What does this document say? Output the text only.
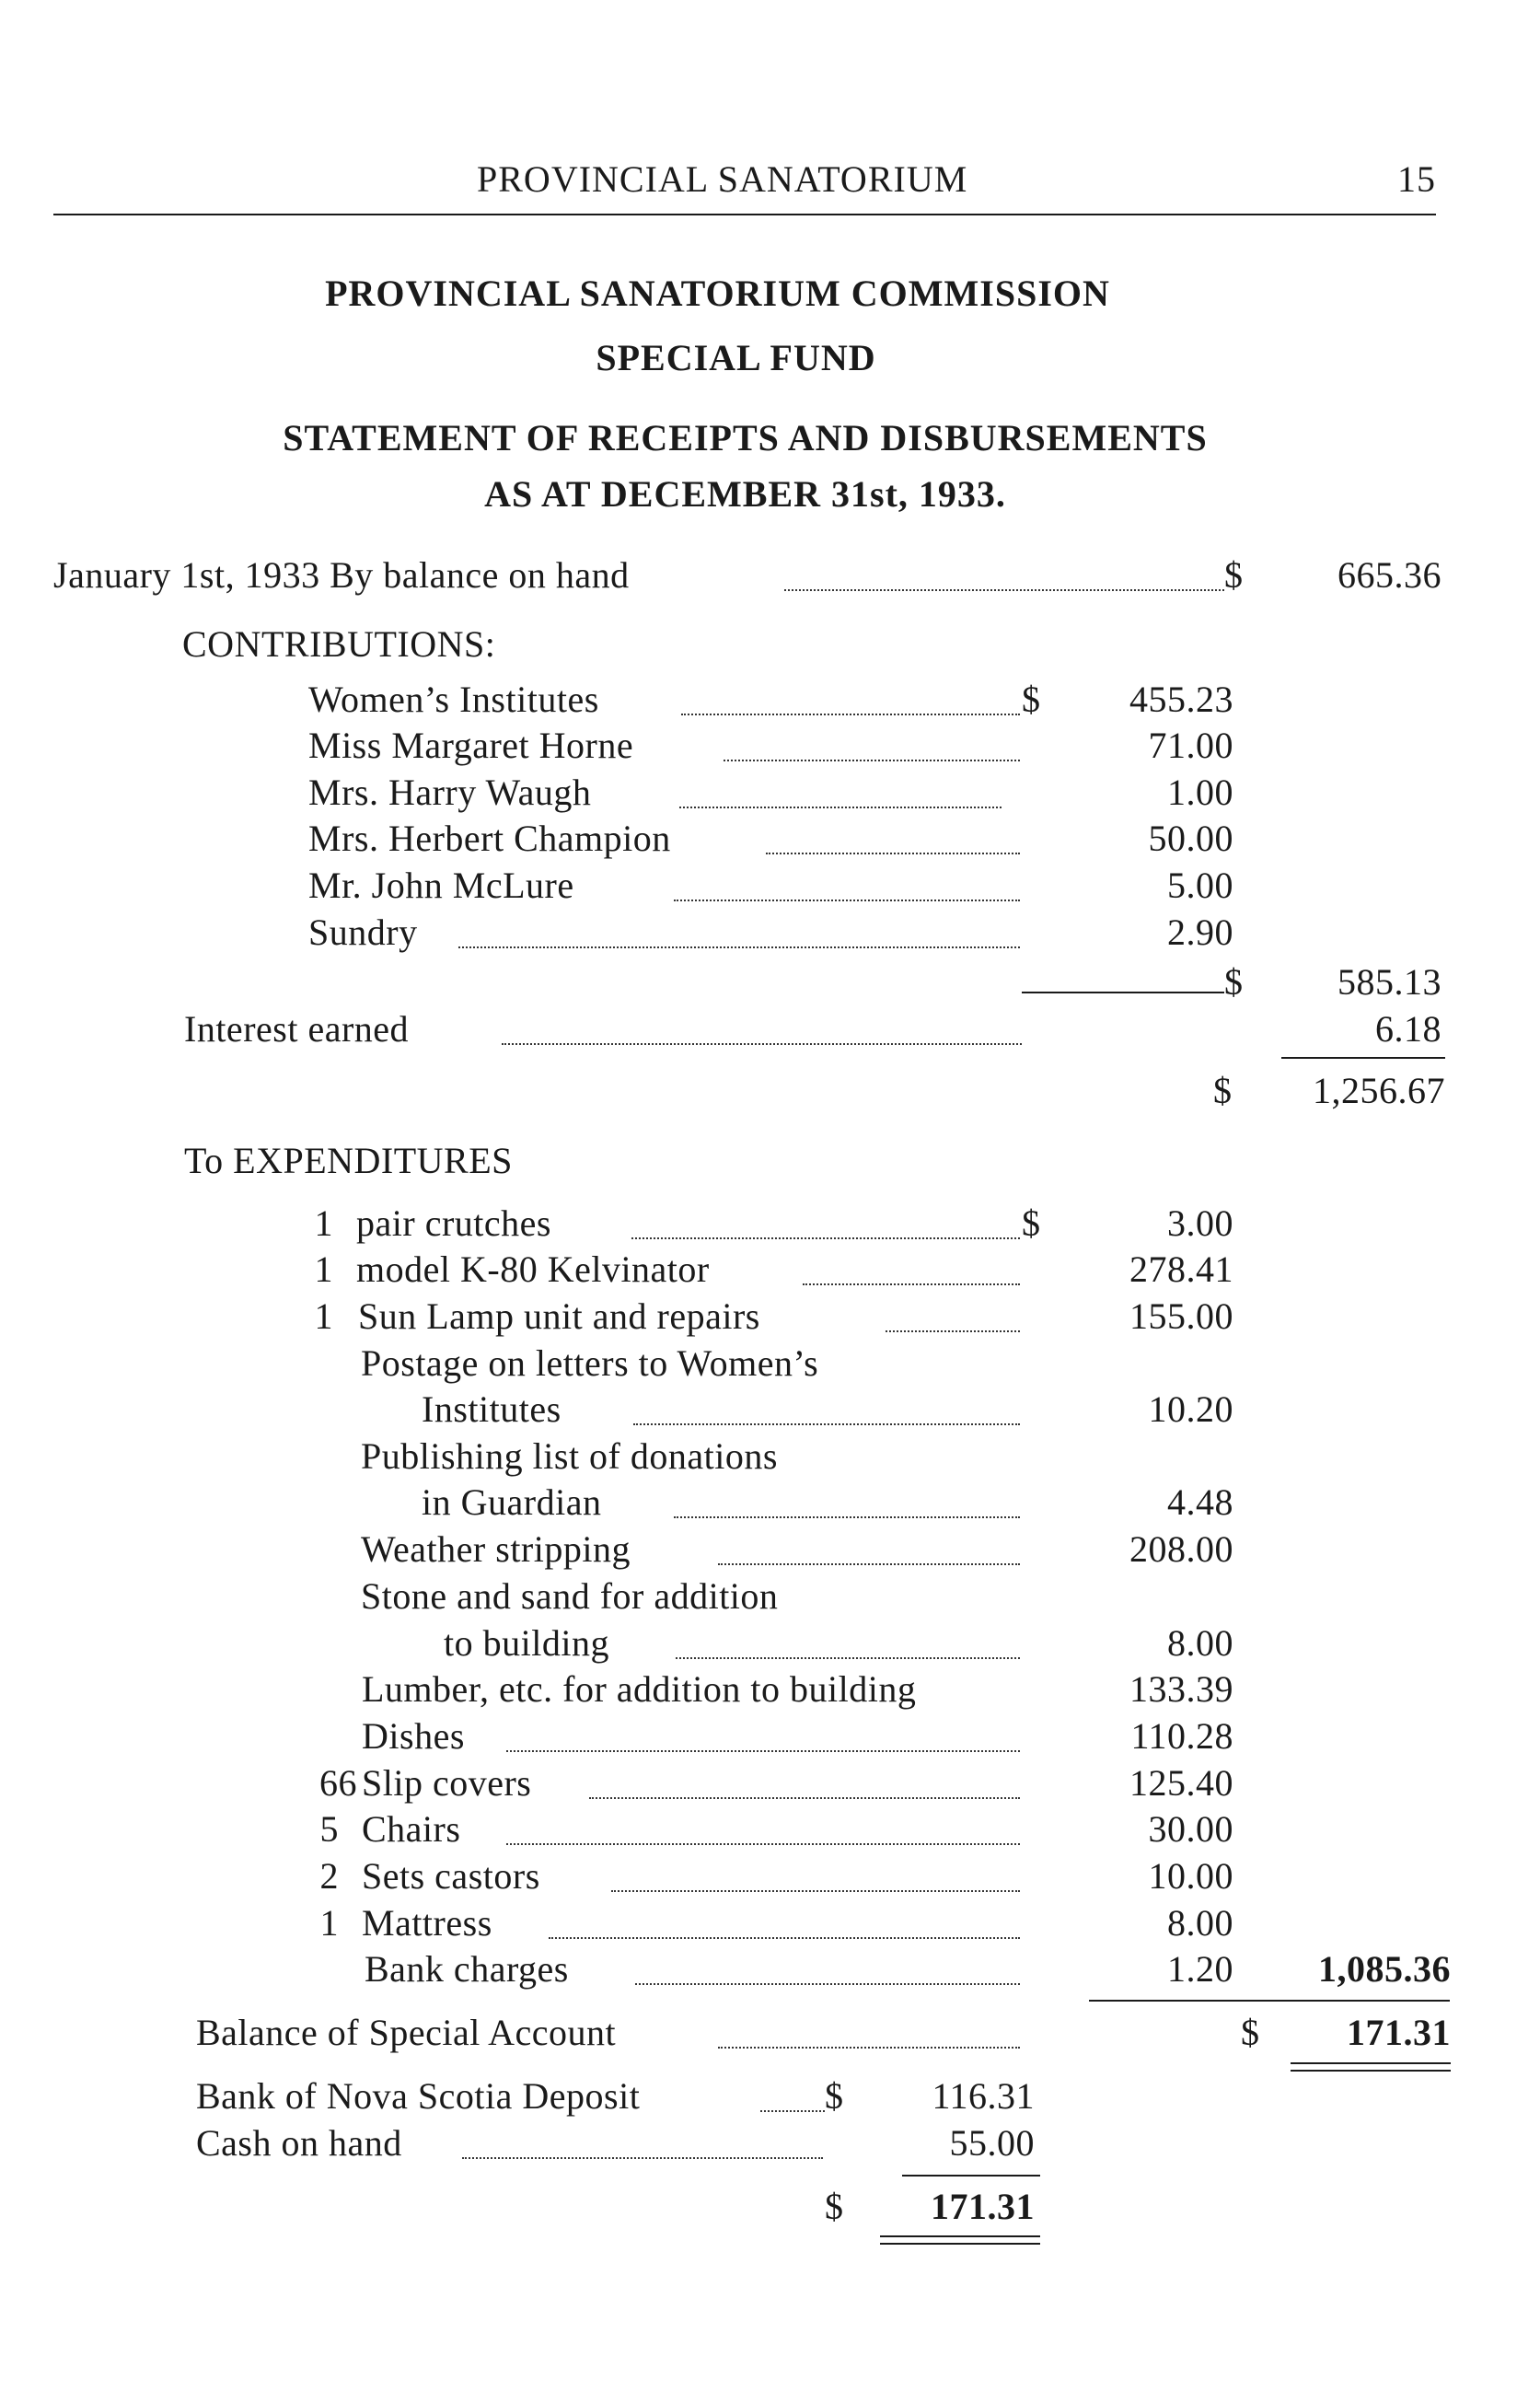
PROVINCIAL SANATORIUM	15
PROVINCIAL SANATORIUM COMMISSION
SPECIAL FUND
STATEMENT OF RECEIPTS AND DISBURSEMENTS
AS AT DECEMBER 31st, 1933.
January 1st, 1933 By balance on hand	$	665.36
CONTRIBUTIONS:
Women’s Institutes	$	455.23
Miss Margaret Horne	71.00
Mrs. Harry Waugh	1.00
Mrs. Herbert Champion	50.00
Mr. John McLure	5.00
Sundry	2.90
$	585.13
Interest earned	6.18
$	1,256.67
To EXPENDITURES
1 pair crutches	$	3.00
1 model K-80 Kelvinator	278.41
1 Sun Lamp unit and repairs	155.00
Postage on letters to Women’s
Institutes	10.20
Publishing list of donations
in Guardian	4.48
Weather stripping	208.00
Stone and sand for addition
to building	8.00
Lumber, etc. for addition to building	133.39
Dishes	110.28
66 Slip covers	125.40
5 Chairs	30.00
2 Sets castors	10.00
1 Mattress	8.00
Bank charges	1.20	1,085.36
Balance of Special Account	$	171.31
Bank of Nova Scotia Deposit	$	116.31
Cash on hand	55.00
$	171.31
